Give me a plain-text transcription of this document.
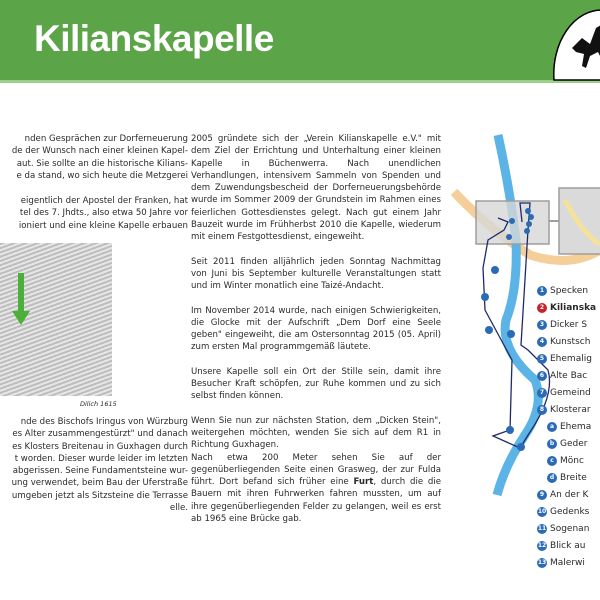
Kilianskapelle
nden Gesprächen zur Dorferneuerung
de der Wunsch nach einer kleinen Kapel-
aut. Sie sollte an die historische Kilians-
e da stand, wo sich heute die Metzgerei
eigentlich der Apostel der Franken, hat
tel des 7. Jhdts., also etwa 50 Jahre vor
ioniert und eine kleine Kapelle erbauen
Dilich 1615
nde des Bischofs Iringus von Würzburg
es Alter zusammengestürzt" und danach
es Klosters Breitenau in Guxhagen durch
t worden. Dieser wurde leider im letzten
abgerissen. Seine Fundamentsteine wur-
ung verwendet, beim Bau der Uferstraße
umgeben jetzt als Sitzsteine die Terrasse
elle.

2005 gründete sich der „Verein Kilianskapelle e.V." mit dem Ziel der Errichtung und Unterhaltung einer kleinen Kapelle in Büchenwerra. Nach unendlichen Verhandlungen, intensivem Sammeln von Spenden und dem Zuwendungsbescheid der Dorferneuerungsbehörde wurde im Sommer 2009 der Grundstein im Rahmen eines feierlichen Gottesdienstes gelegt. Nach gut einem Jahr Bauzeit wurde im Frühherbst 2010 die Kapelle, wiederum mit einem Festgottesdienst, eingeweiht.

Seit 2011 finden alljährlich jeden Sonntag Nachmittag von Juni bis September kulturelle Veranstaltungen statt und im Winter monatlich eine Taizé-Andacht.

Im November 2014 wurde, nach einigen Schwierigkeiten, die Glocke mit der Aufschrift „Dem Dorf eine Seele geben" eingeweiht, die am Ostersonntag 2015 (05. April) zum ersten Mal programmgemäß läutete.

Unsere Kapelle soll ein Ort der Stille sein, damit ihre Besucher Kraft schöpfen, zur Ruhe kommen und zu sich selbst finden können.

Wenn Sie nun zur nächsten Station, dem „Dicken Stein", weitergehen möchten, wenden Sie sich auf dem R1 in Richtung Guxhagen.

Nach etwa 200 Meter sehen Sie auf der gegenüberliegenden Seite einen Grasweg, der zur Fulda führt. Dort befand sich früher eine Furt, durch die die Bauern mit ihren Fuhrwerken fahren mussten, um auf ihre gegenüberliegenden Felder zu gelangen, weil es erst ab 1965 eine Brücke gab.

1 Specken
2 Kilianska
3 Dicker S
4 Kunstsch
5 Ehemalig
6 Alte Bac
7 Gemeind
8 Klosterar
a Ehema
b Geder
c Mönc
d Breite
9 An der K
10 Gedenks
11 Sogenan
12 Blick au
13 Malerwi
